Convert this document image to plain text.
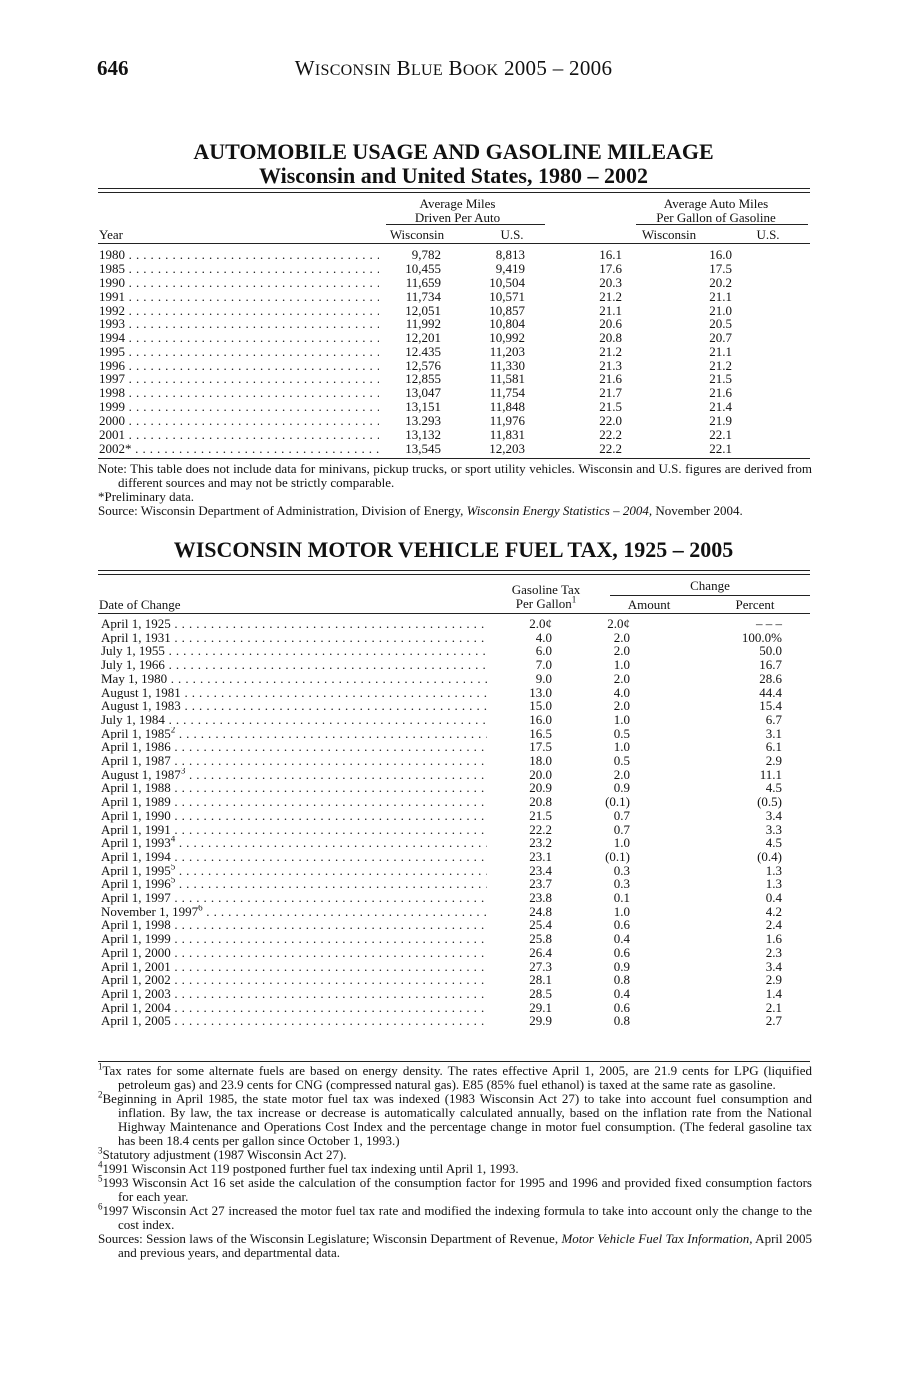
646	WISCONSIN BLUE BOOK 2005 – 2006
AUTOMOBILE USAGE AND GASOLINE MILEAGE
Wisconsin and United States, 1980 – 2002
Average Miles
Driven Per Auto
Average Auto Miles
Per Gallon of Gasoline
Year	Wisconsin	U.S.	Wisconsin	U.S.
1980 . . .	9,782	8,813	16.1	16.0
1985 . . .	10,455	9,419	17.6	17.5
1990 . . .	11,659	10,504	20.3	20.2
1991 . . .	11,734	10,571	21.2	21.1
1992 . . .	12,051	10,857	21.1	21.0
1993 . . .	11,992	10,804	20.6	20.5
1994 . . .	12,201	10,992	20.8	20.7
1995 . . .	12.435	11,203	21.2	21.1
1996 . . .	12,576	11,330	21.3	21.2
1997 . . .	12,855	11,581	21.6	21.5
1998 . . .	13,047	11,754	21.7	21.6
1999 . . .	13,151	11,848	21.5	21.4
2000 . . .	13.293	11,976	22.0	21.9
2001 . . .	13,132	11,831	22.2	22.1
2002* . . .	13,545	12,203	22.2	22.1

Note: This table does not include data for minivans, pickup trucks, or sport utility vehicles. Wisconsin and U.S. figures are derived from different sources and may not be strictly comparable.

*Preliminary data.

Source: Wisconsin Department of Administration, Division of Energy, Wisconsin Energy Statistics – 2004, November 2004.

WISCONSIN MOTOR VEHICLE FUEL TAX, 1925 – 2005
Gasoline Tax
Per Gallon$^1$
Change
Date of Change	Amount	Percent
April 1, 1925 . . .	2.0¢	2.0¢	– – –
April 1, 1931 . . .	4.0	2.0	100.0%
July 1, 1955 . . .	6.0	2.0	50.0
July 1, 1966 . . .	7.0	1.0	16.7
May 1, 1980 . . .	9.0	2.0	28.6
August 1, 1981 . . .	13.0	4.0	44.4
August 1, 1983 . . .	15.0	2.0	15.4
July 1, 1984 . . .	16.0	1.0	6.7
April 1, 1985$^2$ . . .	16.5	0.5	3.1
April 1, 1986 . . .	17.5	1.0	6.1
April 1, 1987 . . .	18.0	0.5	2.9
August 1, 1987$^3$ . . .	20.0	2.0	11.1
April 1, 1988 . . .	20.9	0.9	4.5
April 1, 1989 . . .	20.8	(0.1)	(0.5)
April 1, 1990 . . .	21.5	0.7	3.4
April 1, 1991 . . .	22.2	0.7	3.3
April 1, 1993$^4$ . . .	23.2	1.0	4.5
April 1, 1994 . . .	23.1	(0.1)	(0.4)
April 1, 1995$^5$ . . .	23.4	0.3	1.3
April 1, 1996$^5$ . . .	23.7	0.3	1.3
April 1, 1997 . . .	23.8	0.1	0.4
November 1, 1997$^6$ . . .	24.8	1.0	4.2
April 1, 1998 . . .	25.4	0.6	2.4
April 1, 1999 . . .	25.8	0.4	1.6
April 1, 2000 . . .	26.4	0.6	2.3
April 1, 2001 . . .	27.3	0.9	3.4
April 1, 2002 . . .	28.1	0.8	2.9
April 1, 2003 . . .	28.5	0.4	1.4
April 1, 2004 . . .	29.1	0.6	2.1
April 1, 2005 . . .	29.9	0.8	2.7

$^1$Tax rates for some alternate fuels are based on energy density. The rates effective April 1, 2005, are 21.9 cents for LPG (liquified petroleum gas) and 23.9 cents for CNG (compressed natural gas). E85 (85% fuel ethanol) is taxed at the same rate as gasoline.

$^2$Beginning in April 1985, the state motor fuel tax was indexed (1983 Wisconsin Act 27) to take into account fuel consumption and inflation. By law, the tax increase or decrease is automatically calculated annually, based on the inflation rate from the National Highway Maintenance and Operations Cost Index and the percentage change in motor fuel consumption. (The federal gasoline tax has been 18.4 cents per gallon since October 1, 1993.)

$^3$Statutory adjustment (1987 Wisconsin Act 27).

$^4$1991 Wisconsin Act 119 postponed further fuel tax indexing until April 1, 1993.

$^5$1993 Wisconsin Act 16 set aside the calculation of the consumption factor for 1995 and 1996 and provided fixed consumption factors for each year.

$^6$1997 Wisconsin Act 27 increased the motor fuel tax rate and modified the indexing formula to take into account only the change to the cost index.

Sources: Session laws of the Wisconsin Legislature; Wisconsin Department of Revenue, Motor Vehicle Fuel Tax Information, April 2005 and previous years, and departmental data.
